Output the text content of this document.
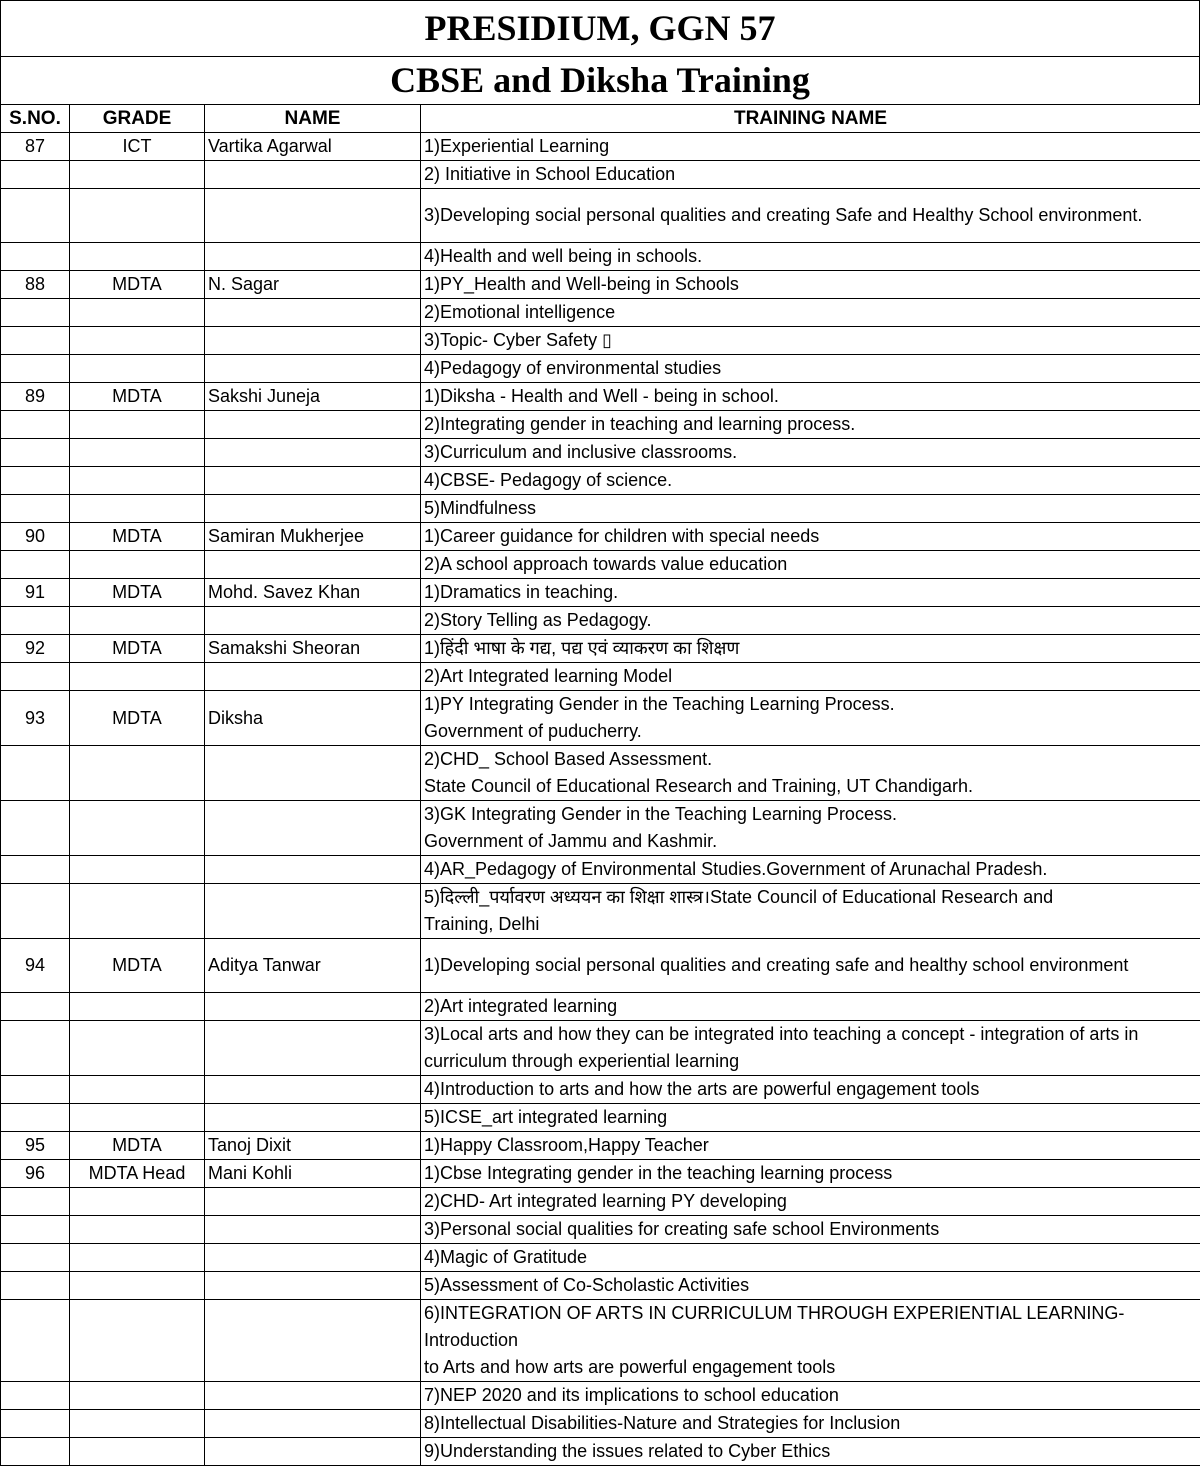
PRESIDIUM, GGN 57
CBSE and Diksha Training
S.NO.	GRADE	NAME	TRAINING NAME
87	ICT	Vartika Agarwal	1)Experiential Learning
			2) Initiative in School Education
			3)Developing social personal qualities and creating Safe and Healthy School environment.
			4)Health and well being in schools.
88	MDTA	N. Sagar	1)PY_Health and Well-being in Schools
			2)Emotional intelligence
			3)Topic- Cyber Safety ▯
			4)Pedagogy of environmental studies
89	MDTA	Sakshi Juneja	1)Diksha - Health and Well - being in school.
			2)Integrating gender in teaching and learning process.
			3)Curriculum and inclusive classrooms.
			4)CBSE- Pedagogy of science.
			5)Mindfulness
90	MDTA	Samiran Mukherjee	1)Career guidance for children with special needs
			2)A school approach towards value education
91	MDTA	Mohd. Savez Khan	1)Dramatics in teaching.
			2)Story Telling as Pedagogy.
92	MDTA	Samakshi Sheoran	1)हिंदी भाषा के गद्य, पद्य एवं व्याकरण का शिक्षण
			2)Art Integrated learning Model
93	MDTA	Diksha	1)PY Integrating Gender in the Teaching Learning Process.
Government of puducherry.
			2)CHD_ School Based Assessment.
State Council of Educational Research and Training, UT Chandigarh.
			3)GK Integrating Gender in the Teaching Learning Process.
Government of Jammu and Kashmir.
			4)AR_Pedagogy of Environmental Studies.Government of Arunachal Pradesh.
			5)दिल्ली_पर्यावरण अध्ययन का शिक्षा शास्त्र।State Council of Educational Research and
Training, Delhi
94	MDTA	Aditya Tanwar	1)Developing social personal qualities and creating safe and healthy school environment
			2)Art integrated learning
			3)Local arts and how they can be integrated into teaching a concept - integration of arts in
curriculum through experiential learning
			4)Introduction to arts and how the arts are powerful engagement tools
			5)ICSE_art integrated learning
95	MDTA	Tanoj Dixit	1)Happy Classroom,Happy Teacher
96	MDTA Head	Mani Kohli	1)Cbse Integrating gender in the teaching learning process
			2)CHD- Art integrated learning PY developing
			3)Personal social qualities for creating safe school Environments
			4)Magic of Gratitude
			5)Assessment of Co-Scholastic Activities
			6)INTEGRATION OF ARTS IN CURRICULUM THROUGH EXPERIENTIAL LEARNING-Introduction
to Arts and how arts are powerful engagement tools
			7)NEP 2020 and its implications to school education
			8)Intellectual Disabilities-Nature and Strategies for Inclusion
			9)Understanding the issues related to Cyber Ethics
